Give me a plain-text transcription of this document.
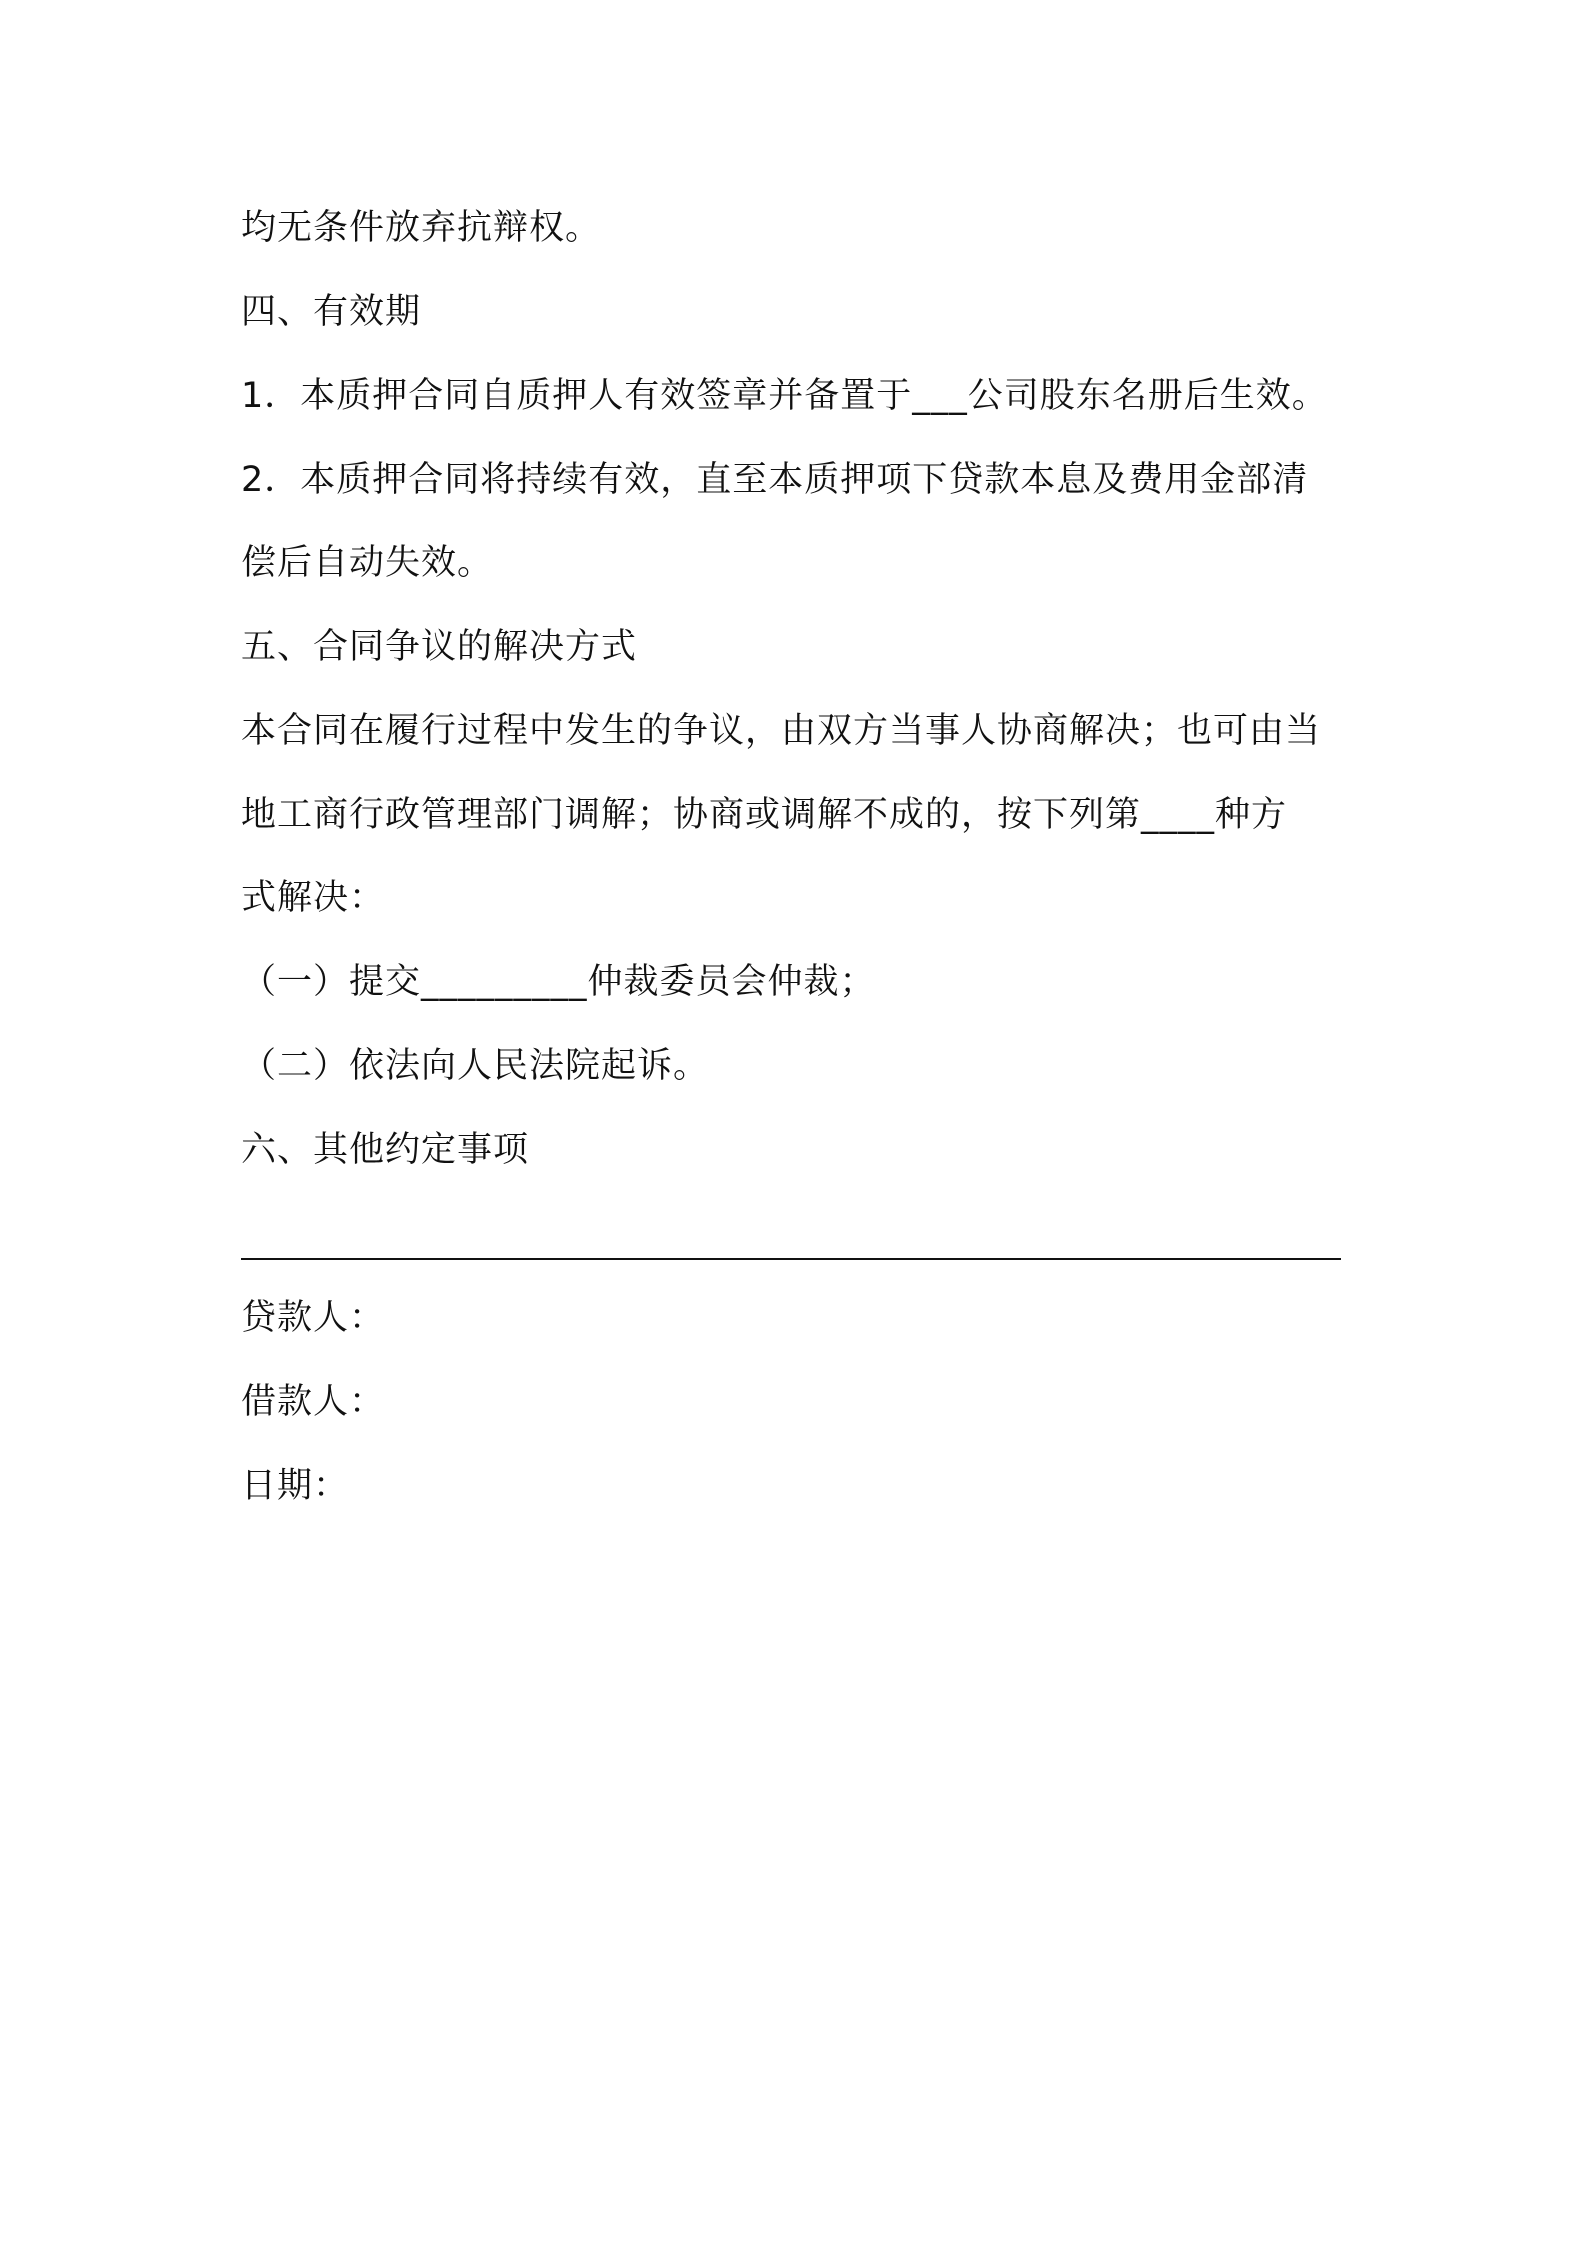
均无条件放弃抗辩权。
四、有效期
1．本质押合同自质押人有效签章并备置于___公司股东名册后生效。
2．本质押合同将持续有效，直至本质押项下贷款本息及费用金部清
偿后自动失效。
五、合同争议的解决方式
本合同在履行过程中发生的争议，由双方当事人协商解决；也可由当
地工商行政管理部门调解；协商或调解不成的，按下列第____种方
式解决：
（一）提交_________仲裁委员会仲裁；
（二）依法向人民法院起诉。
六、其他约定事项
贷款人：
借款人：
日期：
